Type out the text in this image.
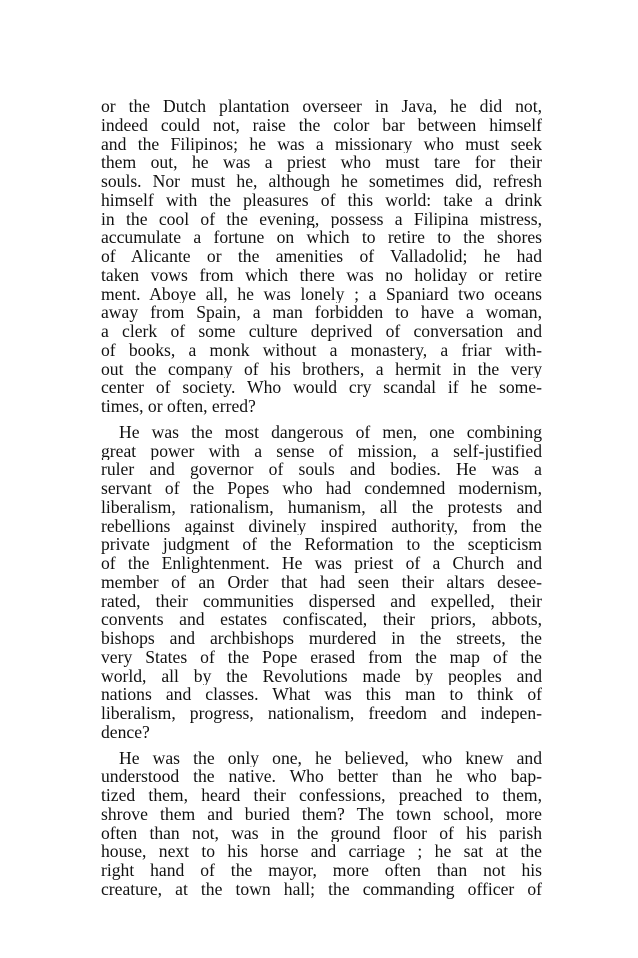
or the Dutch plantation overseer in Java, he did not,
indeed could not, raise the color bar between himself
and the Filipinos; he was a missionary who must seek
them out, he was a priest who must tare for their
souls. Nor must he, although he sometimes did, refresh
himself with the pleasures of this world: take a drink
in the cool of the evening, possess a Filipina mistress,
accumulate a fortune on which to retire to the shores
of Alicante or the amenities of Valladolid; he had
taken vows from which there was no holiday or retire
ment. Aboye all, he was lonely ; a Spaniard two oceans
away from Spain, a man forbidden to have a woman,
a clerk of some culture deprived of conversation and
of books, a monk without a monastery, a friar with-
out the company of his brothers, a hermit in the very
center of society. Who would cry scandal if he some-
times, or often, erred?
He was the most dangerous of men, one combining
great power with a sense of mission, a self-justified
ruler and governor of souls and bodies. He was a
servant of the Popes who had condemned modernism,
liberalism, rationalism, humanism, all the protests and
rebellions against divinely inspired authority, from the
private judgment of the Reformation to the scepticism
of the Enlightenment. He was priest of a Church and
member of an Order that had seen their altars desee-
rated, their communities dispersed and expelled, their
convents and estates confiscated, their priors, abbots,
bishops and archbishops murdered in the streets, the
very States of the Pope erased from the map of the
world, all by the Revolutions made by peoples and
nations and classes. What was this man to think of
liberalism, progress, nationalism, freedom and indepen-
dence?
He was the only one, he believed, who knew and
understood the native. Who better than he who bap-
tized them, heard their confessions, preached to them,
shrove them and buried them? The town school, more
often than not, was in the ground floor of his parish
house, next to his horse and carriage ; he sat at the
right hand of the mayor, more often than not his
creature, at the town hall; the commanding officer of
